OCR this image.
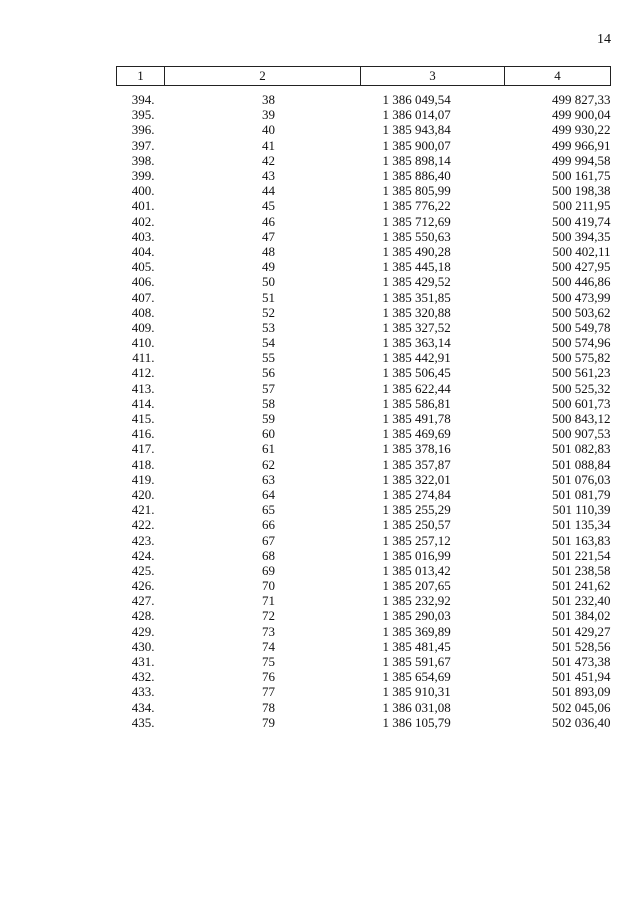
14
1	2	3	4

394.	38	1 386 049,54	499 827,33
395.	39	1 386 014,07	499 900,04
396.	40	1 385 943,84	499 930,22
397.	41	1 385 900,07	499 966,91
398.	42	1 385 898,14	499 994,58
399.	43	1 385 886,40	500 161,75
400.	44	1 385 805,99	500 198,38
401.	45	1 385 776,22	500 211,95
402.	46	1 385 712,69	500 419,74
403.	47	1 385 550,63	500 394,35
404.	48	1 385 490,28	500 402,11
405.	49	1 385 445,18	500 427,95
406.	50	1 385 429,52	500 446,86
407.	51	1 385 351,85	500 473,99
408.	52	1 385 320,88	500 503,62
409.	53	1 385 327,52	500 549,78
410.	54	1 385 363,14	500 574,96
411.	55	1 385 442,91	500 575,82
412.	56	1 385 506,45	500 561,23
413.	57	1 385 622,44	500 525,32
414.	58	1 385 586,81	500 601,73
415.	59	1 385 491,78	500 843,12
416.	60	1 385 469,69	500 907,53
417.	61	1 385 378,16	501 082,83
418.	62	1 385 357,87	501 088,84
419.	63	1 385 322,01	501 076,03
420.	64	1 385 274,84	501 081,79
421.	65	1 385 255,29	501 110,39
422.	66	1 385 250,57	501 135,34
423.	67	1 385 257,12	501 163,83
424.	68	1 385 016,99	501 221,54
425.	69	1 385 013,42	501 238,58
426.	70	1 385 207,65	501 241,62
427.	71	1 385 232,92	501 232,40
428.	72	1 385 290,03	501 384,02
429.	73	1 385 369,89	501 429,27
430.	74	1 385 481,45	501 528,56
431.	75	1 385 591,67	501 473,38
432.	76	1 385 654,69	501 451,94
433.	77	1 385 910,31	501 893,09
434.	78	1 386 031,08	502 045,06
435.	79	1 386 105,79	502 036,40
